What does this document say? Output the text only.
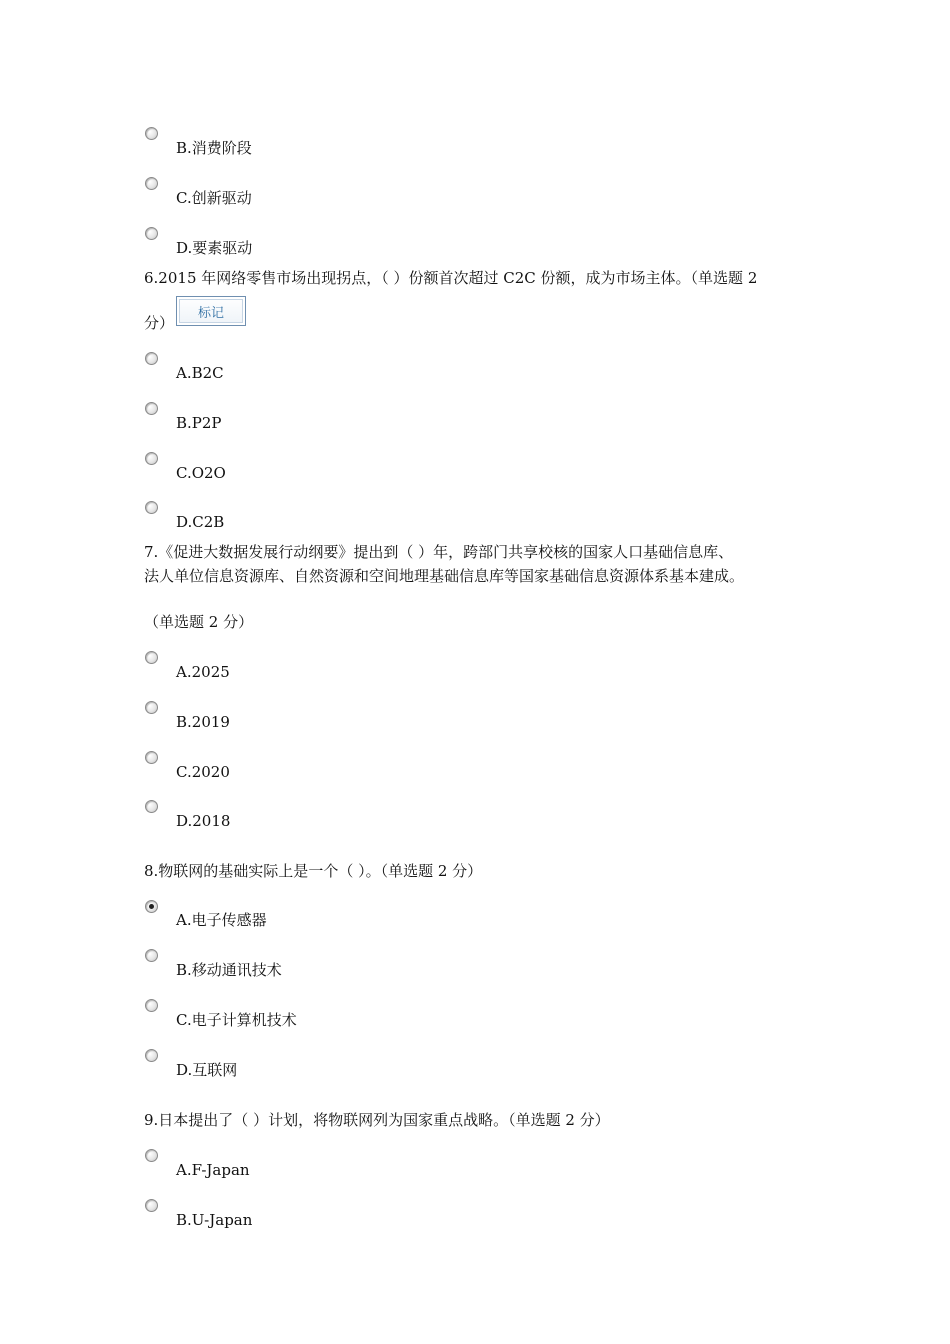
B.消费阶段
C.创新驱动
D.要素驱动
6.2015 年网络零售市场出现拐点，（ ）份额首次超过 C2C 份额，成为市场主体。（单选题 2
分）
标记
A.B2C
B.P2P
C.O2O
D.C2B
7.《促进大数据发展行动纲要》提出到（ ）年，跨部门共享校核的国家人口基础信息库、
法人单位信息资源库、自然资源和空间地理基础信息库等国家基础信息资源体系基本建成。
（单选题 2 分）
A.2025
B.2019
C.2020
D.2018
8.物联网的基础实际上是一个（ ）。（单选题 2 分）
A.电子传感器
B.移动通讯技术
C.电子计算机技术
D.互联网
9.日本提出了（ ）计划，将物联网列为国家重点战略。（单选题 2 分）
A.F-Japan
B.U-Japan
